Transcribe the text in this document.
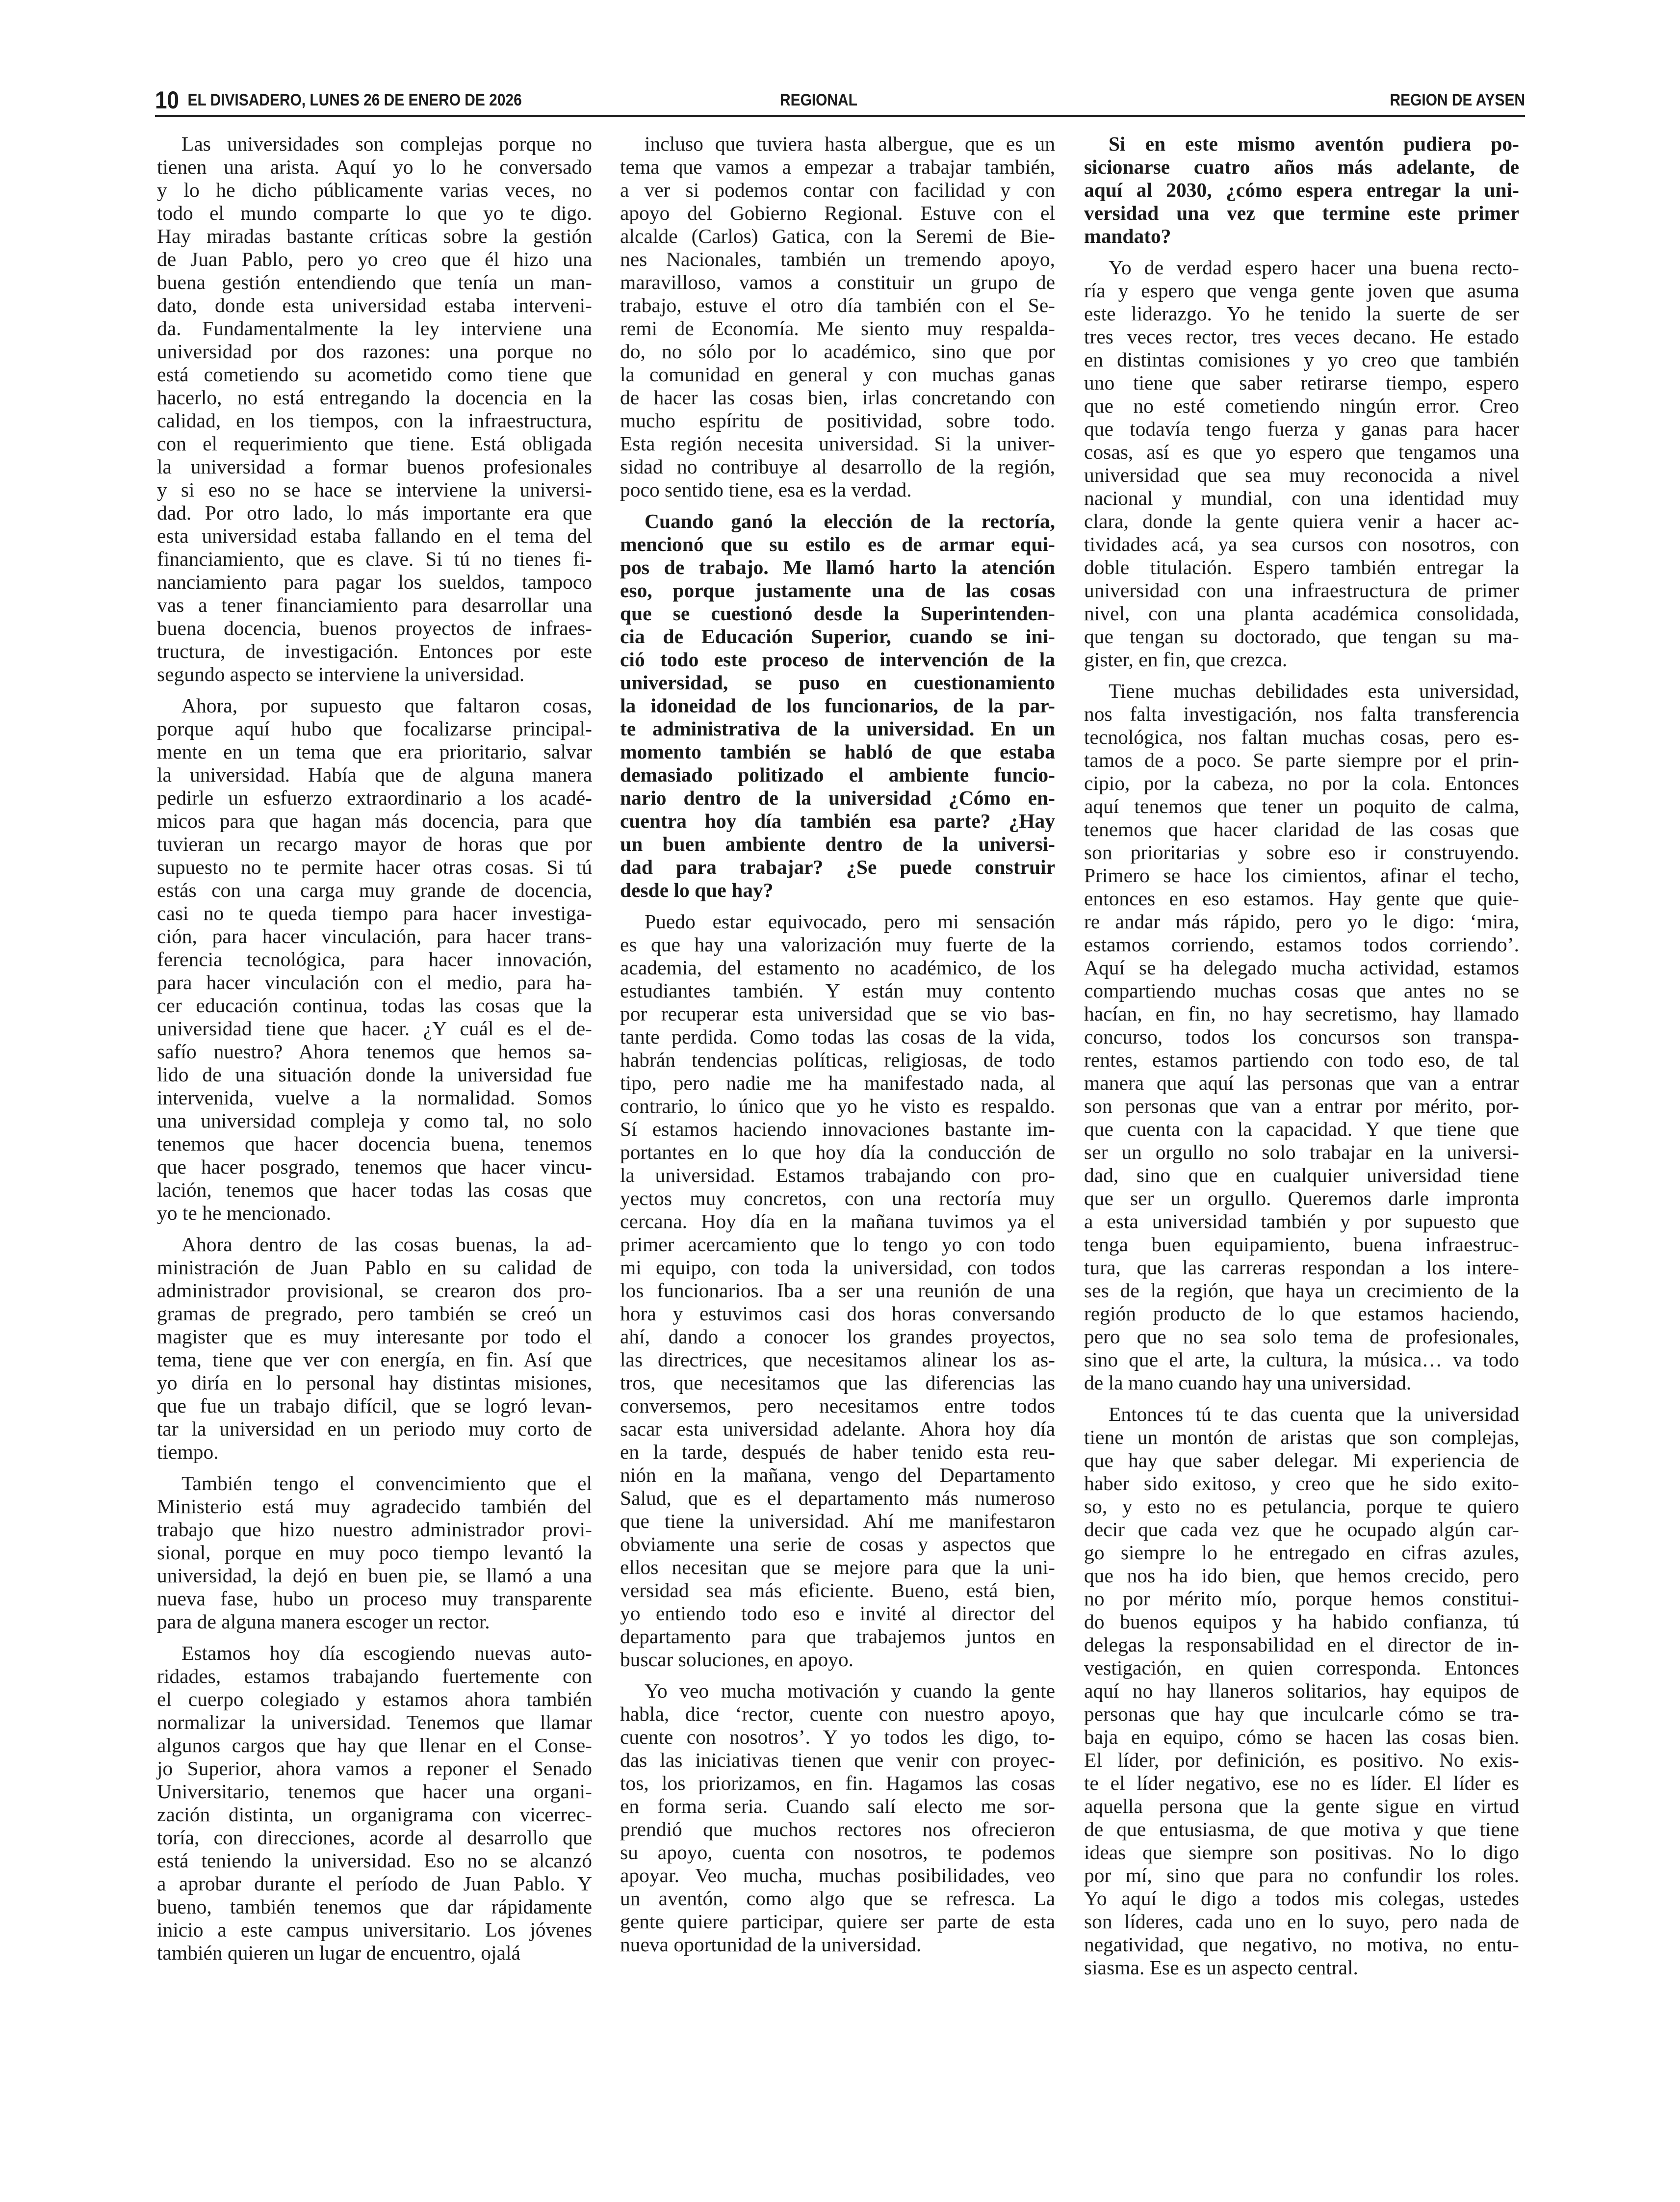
10 EL DIVISADERO, LUNES 26 DE ENERO DE 2026	REGIONAL	REGION DE AYSEN
Las universidades son complejas porque no
tienen una arista. Aquí yo lo he conversado
y lo he dicho públicamente varias veces, no
todo el mundo comparte lo que yo te digo.
Hay miradas bastante críticas sobre la gestión
de Juan Pablo, pero yo creo que él hizo una
buena gestión entendiendo que tenía un man-
dato, donde esta universidad estaba interveni-
da. Fundamentalmente la ley interviene una
universidad por dos razones: una porque no
está cometiendo su acometido como tiene que
hacerlo, no está entregando la docencia en la
calidad, en los tiempos, con la infraestructura,
con el requerimiento que tiene. Está obligada
la universidad a formar buenos profesionales
y si eso no se hace se interviene la universi-
dad. Por otro lado, lo más importante era que
esta universidad estaba fallando en el tema del
financiamiento, que es clave. Si tú no tienes fi-
nanciamiento para pagar los sueldos, tampoco
vas a tener financiamiento para desarrollar una
buena docencia, buenos proyectos de infraes-
tructura, de investigación. Entonces por este
segundo aspecto se interviene la universidad.
Ahora, por supuesto que faltaron cosas,
porque aquí hubo que focalizarse principal-
mente en un tema que era prioritario, salvar
la universidad. Había que de alguna manera
pedirle un esfuerzo extraordinario a los acadé-
micos para que hagan más docencia, para que
tuvieran un recargo mayor de horas que por
supuesto no te permite hacer otras cosas. Si tú
estás con una carga muy grande de docencia,
casi no te queda tiempo para hacer investiga-
ción, para hacer vinculación, para hacer trans-
ferencia tecnológica, para hacer innovación,
para hacer vinculación con el medio, para ha-
cer educación continua, todas las cosas que la
universidad tiene que hacer. ¿Y cuál es el de-
safío nuestro? Ahora tenemos que hemos sa-
lido de una situación donde la universidad fue
intervenida, vuelve a la normalidad. Somos
una universidad compleja y como tal, no solo
tenemos que hacer docencia buena, tenemos
que hacer posgrado, tenemos que hacer vincu-
lación, tenemos que hacer todas las cosas que
yo te he mencionado.
Ahora dentro de las cosas buenas, la ad-
ministración de Juan Pablo en su calidad de
administrador provisional, se crearon dos pro-
gramas de pregrado, pero también se creó un
magister que es muy interesante por todo el
tema, tiene que ver con energía, en fin. Así que
yo diría en lo personal hay distintas misiones,
que fue un trabajo difícil, que se logró levan-
tar la universidad en un periodo muy corto de
tiempo.
También tengo el convencimiento que el
Ministerio está muy agradecido también del
trabajo que hizo nuestro administrador provi-
sional, porque en muy poco tiempo levantó la
universidad, la dejó en buen pie, se llamó a una
nueva fase, hubo un proceso muy transparente
para de alguna manera escoger un rector.
Estamos hoy día escogiendo nuevas auto-
ridades, estamos trabajando fuertemente con
el cuerpo colegiado y estamos ahora también
normalizar la universidad. Tenemos que llamar
algunos cargos que hay que llenar en el Conse-
jo Superior, ahora vamos a reponer el Senado
Universitario, tenemos que hacer una organi-
zación distinta, un organigrama con vicerrec-
toría, con direcciones, acorde al desarrollo que
está teniendo la universidad. Eso no se alcanzó
a aprobar durante el período de Juan Pablo. Y
bueno, también tenemos que dar rápidamente
inicio a este campus universitario. Los jóvenes
también quieren un lugar de encuentro, ojalá
incluso que tuviera hasta albergue, que es un
tema que vamos a empezar a trabajar también,
a ver si podemos contar con facilidad y con
apoyo del Gobierno Regional. Estuve con el
alcalde (Carlos) Gatica, con la Seremi de Bie-
nes Nacionales, también un tremendo apoyo,
maravilloso, vamos a constituir un grupo de
trabajo, estuve el otro día también con el Se-
remi de Economía. Me siento muy respalda-
do, no sólo por lo académico, sino que por
la comunidad en general y con muchas ganas
de hacer las cosas bien, irlas concretando con
mucho espíritu de positividad, sobre todo.
Esta región necesita universidad. Si la univer-
sidad no contribuye al desarrollo de la región,
poco sentido tiene, esa es la verdad.
Cuando ganó la elección de la rectoría,
mencionó que su estilo es de armar equi-
pos de trabajo. Me llamó harto la atención
eso, porque justamente una de las cosas
que se cuestionó desde la Superintenden-
cia de Educación Superior, cuando se ini-
ció todo este proceso de intervención de la
universidad, se puso en cuestionamiento
la idoneidad de los funcionarios, de la par-
te administrativa de la universidad. En un
momento también se habló de que estaba
demasiado politizado el ambiente funcio-
nario dentro de la universidad ¿Cómo en-
cuentra hoy día también esa parte? ¿Hay
un buen ambiente dentro de la universi-
dad para trabajar? ¿Se puede construir
desde lo que hay?
Puedo estar equivocado, pero mi sensación
es que hay una valorización muy fuerte de la
academia, del estamento no académico, de los
estudiantes también. Y están muy contento
por recuperar esta universidad que se vio bas-
tante perdida. Como todas las cosas de la vida,
habrán tendencias políticas, religiosas, de todo
tipo, pero nadie me ha manifestado nada, al
contrario, lo único que yo he visto es respaldo.
Sí estamos haciendo innovaciones bastante im-
portantes en lo que hoy día la conducción de
la universidad. Estamos trabajando con pro-
yectos muy concretos, con una rectoría muy
cercana. Hoy día en la mañana tuvimos ya el
primer acercamiento que lo tengo yo con todo
mi equipo, con toda la universidad, con todos
los funcionarios. Iba a ser una reunión de una
hora y estuvimos casi dos horas conversando
ahí, dando a conocer los grandes proyectos,
las directrices, que necesitamos alinear los as-
tros, que necesitamos que las diferencias las
conversemos, pero necesitamos entre todos
sacar esta universidad adelante. Ahora hoy día
en la tarde, después de haber tenido esta reu-
nión en la mañana, vengo del Departamento
Salud, que es el departamento más numeroso
que tiene la universidad. Ahí me manifestaron
obviamente una serie de cosas y aspectos que
ellos necesitan que se mejore para que la uni-
versidad sea más eficiente. Bueno, está bien,
yo entiendo todo eso e invité al director del
departamento para que trabajemos juntos en
buscar soluciones, en apoyo.
Yo veo mucha motivación y cuando la gente
habla, dice ‘rector, cuente con nuestro apoyo,
cuente con nosotros’. Y yo todos les digo, to-
das las iniciativas tienen que venir con proyec-
tos, los priorizamos, en fin. Hagamos las cosas
en forma seria. Cuando salí electo me sor-
prendió que muchos rectores nos ofrecieron
su apoyo, cuenta con nosotros, te podemos
apoyar. Veo mucha, muchas posibilidades, veo
un aventón, como algo que se refresca. La
gente quiere participar, quiere ser parte de esta
nueva oportunidad de la universidad.
Si en este mismo aventón pudiera po-
sicionarse cuatro años más adelante, de
aquí al 2030, ¿cómo espera entregar la uni-
versidad una vez que termine este primer
mandato?
Yo de verdad espero hacer una buena recto-
ría y espero que venga gente joven que asuma
este liderazgo. Yo he tenido la suerte de ser
tres veces rector, tres veces decano. He estado
en distintas comisiones y yo creo que también
uno tiene que saber retirarse tiempo, espero
que no esté cometiendo ningún error. Creo
que todavía tengo fuerza y ganas para hacer
cosas, así es que yo espero que tengamos una
universidad que sea muy reconocida a nivel
nacional y mundial, con una identidad muy
clara, donde la gente quiera venir a hacer ac-
tividades acá, ya sea cursos con nosotros, con
doble titulación. Espero también entregar la
universidad con una infraestructura de primer
nivel, con una planta académica consolidada,
que tengan su doctorado, que tengan su ma-
gister, en fin, que crezca.
Tiene muchas debilidades esta universidad,
nos falta investigación, nos falta transferencia
tecnológica, nos faltan muchas cosas, pero es-
tamos de a poco. Se parte siempre por el prin-
cipio, por la cabeza, no por la cola. Entonces
aquí tenemos que tener un poquito de calma,
tenemos que hacer claridad de las cosas que
son prioritarias y sobre eso ir construyendo.
Primero se hace los cimientos, afinar el techo,
entonces en eso estamos. Hay gente que quie-
re andar más rápido, pero yo le digo: ‘mira,
estamos corriendo, estamos todos corriendo’.
Aquí se ha delegado mucha actividad, estamos
compartiendo muchas cosas que antes no se
hacían, en fin, no hay secretismo, hay llamado
concurso, todos los concursos son transpa-
rentes, estamos partiendo con todo eso, de tal
manera que aquí las personas que van a entrar
son personas que van a entrar por mérito, por-
que cuenta con la capacidad. Y que tiene que
ser un orgullo no solo trabajar en la universi-
dad, sino que en cualquier universidad tiene
que ser un orgullo. Queremos darle impronta
a esta universidad también y por supuesto que
tenga buen equipamiento, buena infraestruc-
tura, que las carreras respondan a los intere-
ses de la región, que haya un crecimiento de la
región producto de lo que estamos haciendo,
pero que no sea solo tema de profesionales,
sino que el arte, la cultura, la música… va todo
de la mano cuando hay una universidad.
Entonces tú te das cuenta que la universidad
tiene un montón de aristas que son complejas,
que hay que saber delegar. Mi experiencia de
haber sido exitoso, y creo que he sido exito-
so, y esto no es petulancia, porque te quiero
decir que cada vez que he ocupado algún car-
go siempre lo he entregado en cifras azules,
que nos ha ido bien, que hemos crecido, pero
no por mérito mío, porque hemos constitui-
do buenos equipos y ha habido confianza, tú
delegas la responsabilidad en el director de in-
vestigación, en quien corresponda. Entonces
aquí no hay llaneros solitarios, hay equipos de
personas que hay que inculcarle cómo se tra-
baja en equipo, cómo se hacen las cosas bien.
El líder, por definición, es positivo. No exis-
te el líder negativo, ese no es líder. El líder es
aquella persona que la gente sigue en virtud
de que entusiasma, de que motiva y que tiene
ideas que siempre son positivas. No lo digo
por mí, sino que para no confundir los roles.
Yo aquí le digo a todos mis colegas, ustedes
son líderes, cada uno en lo suyo, pero nada de
negatividad, que negativo, no motiva, no entu-
siasma. Ese es un aspecto central.
